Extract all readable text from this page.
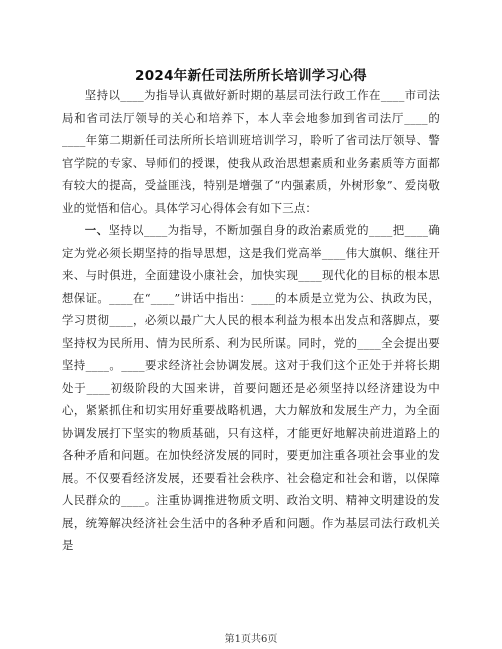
2024年新任司法所所长培训学习心得

坚持以____为指导认真做好新时期的基层司法行政工作在____市司法局和省司法厅领导的关心和培养下，本人幸会地参加到省司法厅____的____年第二期新任司法所所长培训班培训学习，聆听了省司法厅领导、警官学院的专家、导师们的授课，使我从政治思想素质和业务素质等方面都有较大的提高，受益匪浅，特别是增强了“内强素质，外树形象”、爱岗敬业的觉悟和信心。具体学习心得体会有如下三点：

一、坚持以____为指导，不断加强自身的政治素质党的____把____确定为党必须长期坚持的指导思想，这是我们党高举____伟大旗帜、继往开来、与时俱进，全面建设小康社会，加快实现____现代化的目标的根本思想保证。____在“____”讲话中指出：____的本质是立党为公、执政为民，学习贯彻____，必须以最广大人民的根本利益为根本出发点和落脚点，要坚持权为民所用、情为民所系、利为民所谋。同时，党的____全会提出要坚持____。____要求经济社会协调发展。这对于我们这个正处于并将长期处于____初级阶段的大国来讲，首要问题还是必须坚持以经济建设为中心，紧紧抓住和切实用好重要战略机遇，大力解放和发展生产力，为全面协调发展打下坚实的物质基础，只有这样，才能更好地解决前进道路上的各种矛盾和问题。在加快经济发展的同时，要更加注重各项社会事业的发展。不仅要看经济发展，还要看社会秩序、社会稳定和社会和谐，以保障人民群众的____。注重协调推进物质文明、政治文明、精神文明建设的发展，统筹解决经济社会生活中的各种矛盾和问题。作为基层司法行政机关是

第1页共6页
